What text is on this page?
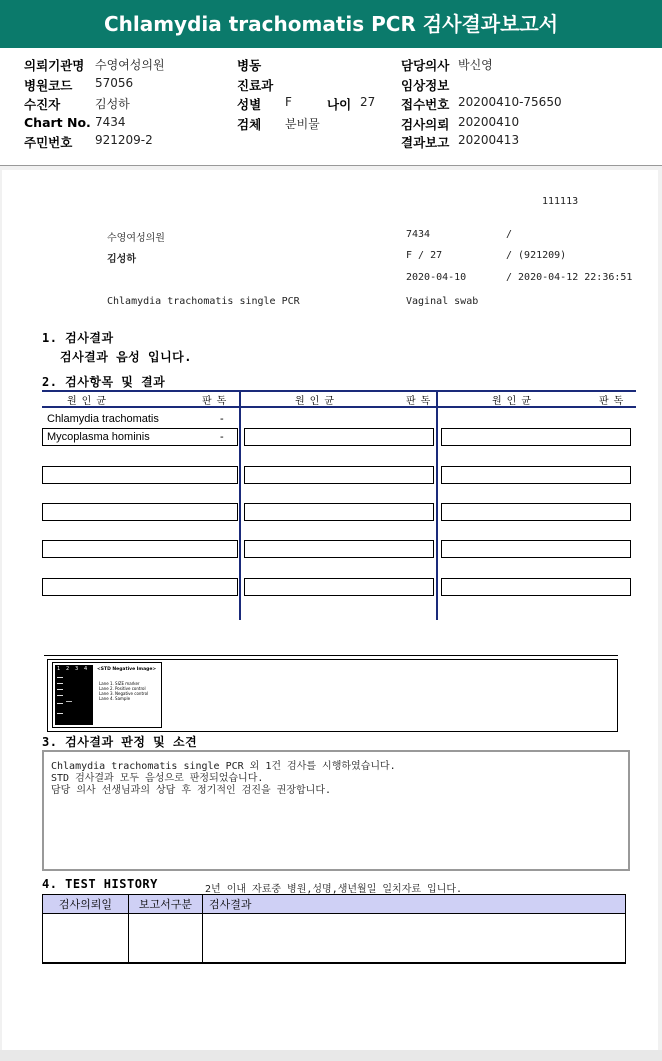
Chlamydia trachomatis PCR 검사결과보고서
의뢰기관명 수영여성의원
병원코드 57056
수진자	김성하
Chart No. 7434
주민번호 921209-2
병동
진료과
성별 F	나이 27
검체 분비물
담당의사 박신영
임상정보
접수번호 20200410-75650
검사의뢰 20200410
결과보고 20200413
111113
수영여성의원	7434	/
김성하	F / 27	/ (921209)
2020-04-10	/ 2020-04-12 22:36:51
Chlamydia trachomatis single PCR	Vaginal swab
1. 검사결과
검사결과 음성 입니다.
2. 검사항목 및 결과
원인균	판독	원인균	판독	원인균	판독
Chlamydia trachomatis	-
Mycoplasma hominis	-
1 2 3 4 <STD Negative Image>
Lane 1. SIZE marker
Lane 2. Positive control
Lane 3. Negative control
Lane 4. Sample
3. 검사결과 판정 및 소견
Chlamydia trachomatis single PCR 외 1건 검사를 시행하였습니다.
STD 검사결과 모두 음성으로 판정되었습니다.
담당 의사 선생님과의 상담 후 정기적인 검진을 권장합니다.
4. TEST HISTORY	2년 이내 자료중 병원,성명,생년월일 일치자료 입니다.
검사의뢰일	보고서구분	검사결과
